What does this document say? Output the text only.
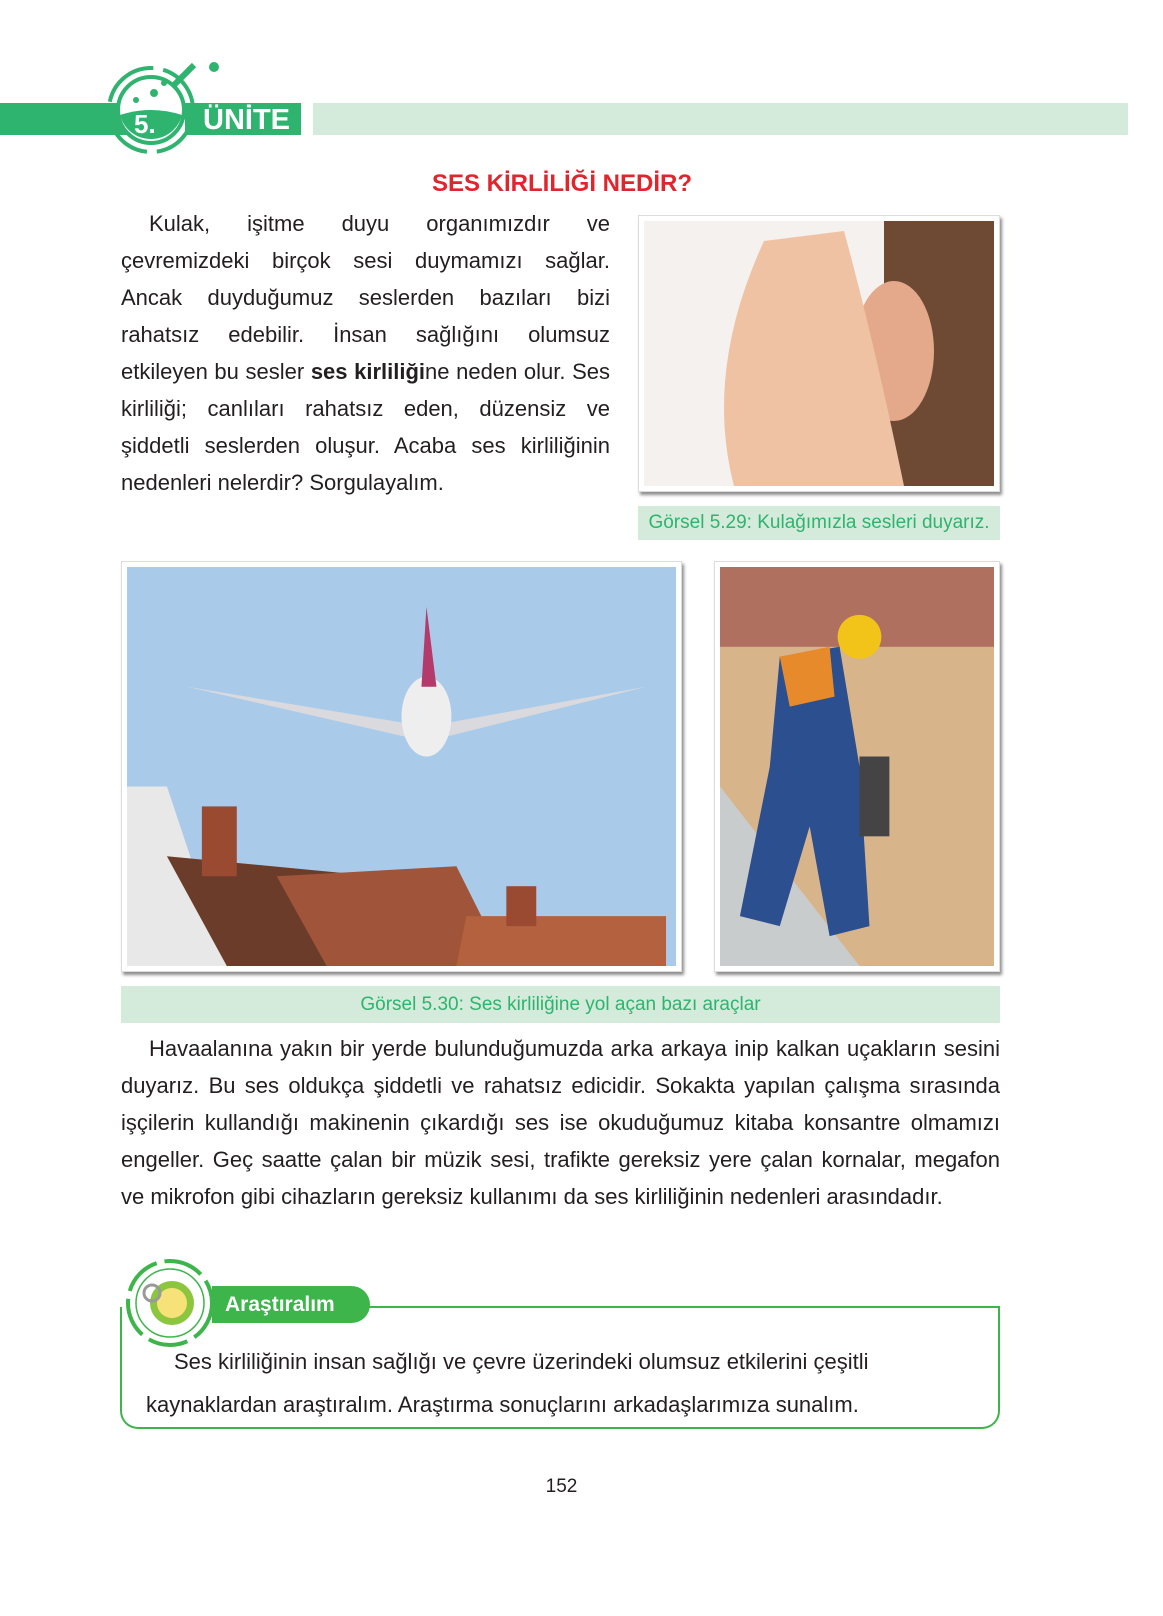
5.	ÜNİTE
SES KİRLİLİĞİ NEDİR?

Kulak, işitme duyu organımızdır ve çevremizdeki birçok sesi duymamızı sağlar. Ancak duyduğumuz seslerden bazıları bizi rahatsız edebilir. İnsan sağlığını olumsuz etkileyen bu sesler ses kirliliğine neden olur. Ses kirliliği; canlıları rahatsız eden, düzensiz ve şiddetli seslerden oluşur. Acaba ses kirliliğinin nedenleri nelerdir? Sorgulayalım.

Görsel 5.29: Kulağımızla sesleri duyarız.
Görsel 5.30: Ses kirliliğine yol açan bazı araçlar

Havaalanına yakın bir yerde bulunduğumuzda arka arkaya inip kalkan uçakların sesini duyarız. Bu ses oldukça şiddetli ve rahatsız edicidir. Sokakta yapılan çalışma sırasında işçilerin kullandığı makinenin çıkardığı ses ise okuduğumuz kitaba konsantre olmamızı engeller. Geç saatte çalan bir müzik sesi, trafikte gereksiz yere çalan kornalar, megafon ve mikrofon gibi cihazların gereksiz kullanımı da ses kirliliğinin nedenleri arasındadır.

Araştıralım

Ses kirliliğinin insan sağlığı ve çevre üzerindeki olumsuz etkilerini çeşitli kaynaklardan araştıralım. Araştırma sonuçlarını arkadaşlarımıza sunalım.

152
